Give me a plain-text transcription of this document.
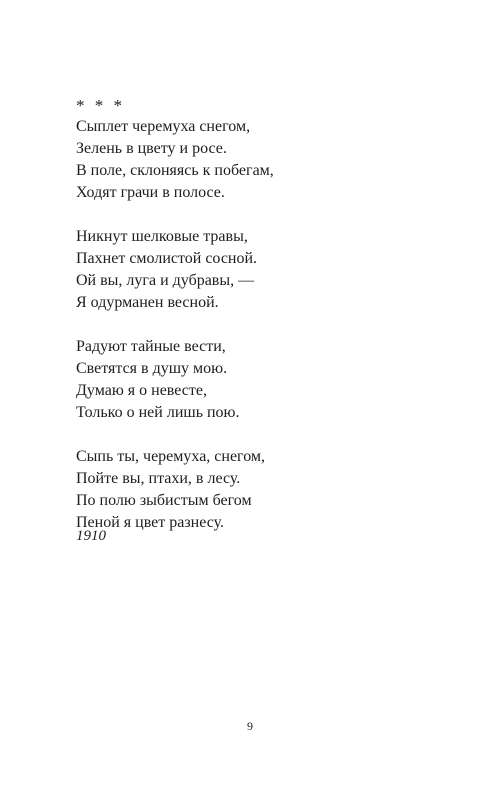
* * *
Сыплет черемуха снегом,
Зелень в цвету и росе.
В поле, склоняясь к побегам,
Ходят грачи в полосе.
Никнут шелковые травы,
Пахнет смолистой сосной.
Ой вы, луга и дубравы, —
Я одурманен весной.
Радуют тайные вести,
Светятся в душу мою.
Думаю я о невесте,
Только о ней лишь пою.
Сыпь ты, черемуха, снегом,
Пойте вы, птахи, в лесу.
По полю зыбистым бегом
Пеной я цвет разнесу.
1910
9
